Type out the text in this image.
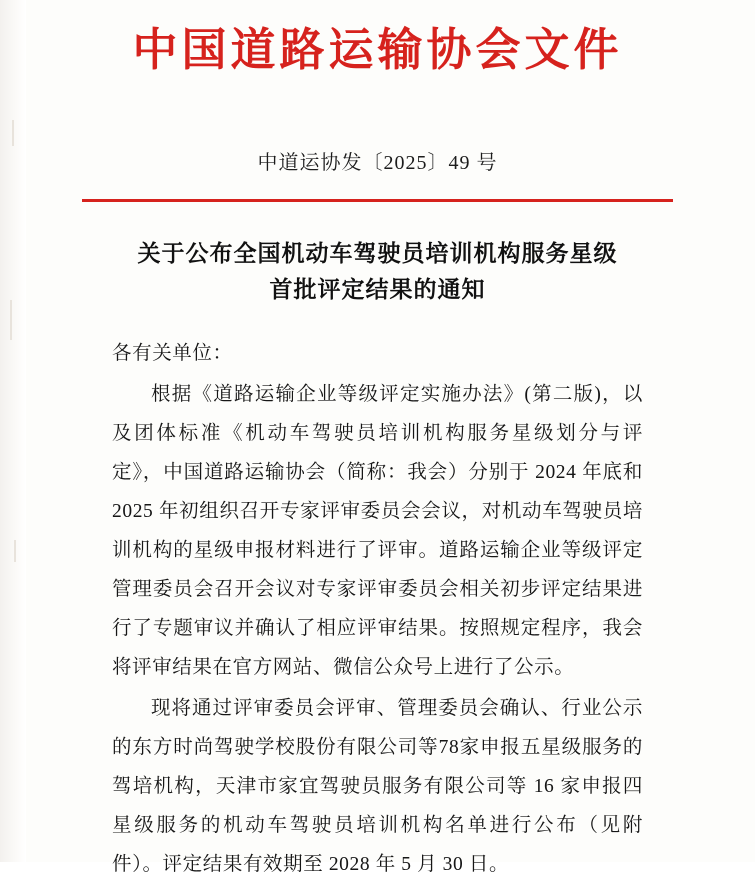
中国道路运输协会文件
中道运协发〔2025〕49 号
关于公布全国机动车驾驶员培训机构服务星级
首批评定结果的通知

各有关单位：

根据《道路运输企业等级评定实施办法》(第二版)，以及团体标准《机动车驾驶员培训机构服务星级划分与评定》，中国道路运输协会（简称：我会）分别于 2024 年底和 2025 年初组织召开专家评审委员会会议，对机动车驾驶员培训机构的星级申报材料进行了评审。道路运输企业等级评定管理委员会召开会议对专家评审委员会相关初步评定结果进行了专题审议并确认了相应评审结果。按照规定程序，我会将评审结果在官方网站、微信公众号上进行了公示。

现将通过评审委员会评审、管理委员会确认、行业公示的东方时尚驾驶学校股份有限公司等78家申报五星级服务的驾培机构，天津市家宜驾驶员服务有限公司等 16 家申报四星级服务的机动车驾驶员培训机构名单进行公布（见附件）。评定结果有效期至 2028 年 5 月 30 日。
